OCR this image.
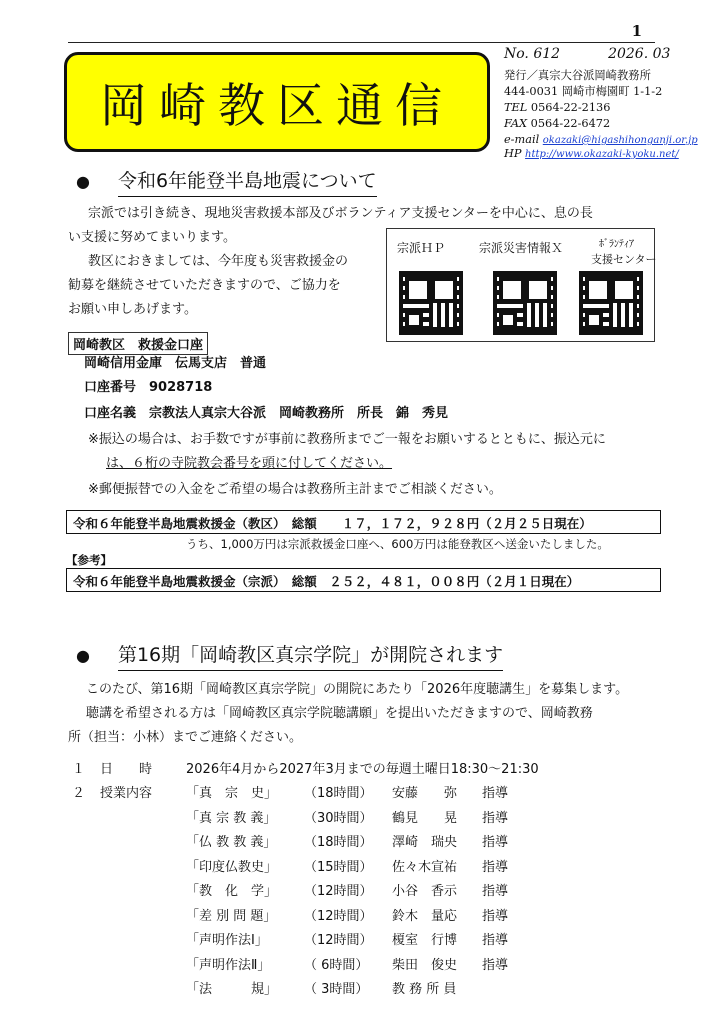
1
岡崎教区通信
No. 612	2026. 03
発行／真宗大谷派岡崎教務所
444-0031 岡崎市梅園町 1-1-2
TEL 0564-22-2136
FAX 0564-22-6472
e-mail okazaki@higashihonganji.or.jp
HP http://www.okazaki-kyoku.net/
● 令和6年能登半島地震について
宗派では引き続き、現地災害救援本部及びボランティア支援センターを中心に、息の長
い支援に努めてまいります。
教区におきましては、今年度も災害救援金の
勧募を継続させていただきますので、ご協力を
お願い申しあげます。
宗派ＨＰ	宗派災害情報Ｘ	ﾎﾞﾗﾝﾃｨｱ
支援センター
岡崎教区　救援金口座
岡崎信用金庫　伝馬支店　普通
口座番号　9028718
口座名義　宗教法人真宗大谷派　岡崎教務所　所長　錦　秀見
※振込の場合は、お手数ですが事前に教務所までご一報をお願いするとともに、振込元に
は、６桁の寺院教会番号を頭に付してください。
※郵便振替での入金をご希望の場合は教務所主計までご相談ください。
令和６年能登半島地震救援金（教区）　総額　　１７，１７２，９２８円（２月２５日現在）
うち、1,000万円は宗派救援金口座へ、600万円は能登教区へ送金いたしました。
【参考】
令和６年能登半島地震救援金（宗派）　総額　２５２，４８１，００８円（２月１日現在）
● 第16期「岡崎教区真宗学院」が開院されます
このたび、第16期「岡崎教区真宗学院」の開院にあたり「2026年度聴講生」を募集します。
聴講を希望される方は「岡崎教区真宗学院聴講願」を提出いただきますので、岡崎教務
所（担当：小林）までご連絡ください。
１ 日　　時	2026年4月から2027年3月までの毎週土曜日18:30～21:30
２ 授業内容	「真　宗　史」 （18時間） 安藤　　弥 指導
「真 宗 教 義」 （30時間） 鶴見　　晃 指導
「仏 教 教 義」 （18時間） 澤崎　瑞央 指導
「印度仏教史」 （15時間） 佐々木宣祐 指導
「教　化　学」 （12時間） 小谷　香示 指導
「差 別 問 題」 （12時間） 鈴木　量応 指導
「声明作法Ⅰ」	（12時間） 榎室　行博 指導
「声明作法Ⅱ」	（ 6時間） 柴田　俊史 指導
「法　　　規」 （ 3時間） 教 務 所 員
